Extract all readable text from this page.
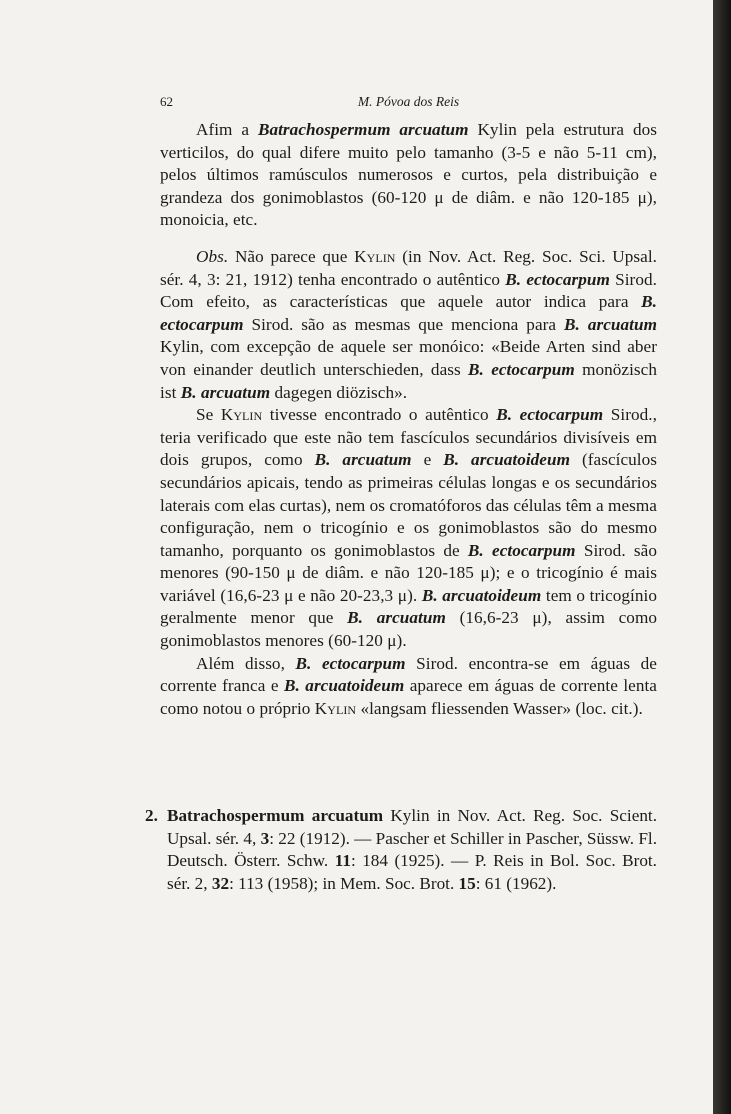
62	M. Póvoa dos Reis

Afim a Batrachospermum arcuatum Kylin pela estrutura dos verticilos, do qual difere muito pelo tamanho (3-5 e não 5-11 cm), pelos últimos ramúsculos numerosos e curtos, pela distribuição e grandeza dos gonimoblastos (60-120 μ de diâm. e não 120-185 μ), monoicia, etc.

Obs. Não parece que Kylin (in Nov. Act. Reg. Soc. Sci. Upsal. sér. 4, 3: 21, 1912) tenha encontrado o autêntico B. ectocarpum Sirod. Com efeito, as características que aquele autor indica para B. ectocarpum Sirod. são as mesmas que menciona para B. arcuatum Kylin, com excepção de aquele ser monóico: «Beide Arten sind aber von einander deutlich unterschieden, dass B. ectocarpum monözisch ist B. arcuatum dagegen diözisch».

Se Kylin tivesse encontrado o autêntico B. ectocarpum Sirod., teria verificado que este não tem fascículos secundários divisíveis em dois grupos, como B. arcuatum e B. arcuatoideum (fascículos secundários apicais, tendo as primeiras células longas e os secundários laterais com elas curtas), nem os cromatóforos das células têm a mesma configuração, nem o tricogínio e os gonimoblastos são do mesmo tamanho, porquanto os gonimoblastos de B. ectocarpum Sirod. são menores (90-150 μ de diâm. e não 120-185 μ); e o tricogínio é mais variável (16,6-23 μ e não 20-23,3 μ). B. arcuatoideum tem o tricogínio geralmente menor que B. arcuatum (16,6-23 μ), assim como gonimoblastos menores (60-120 μ).

Além disso, B. ectocarpum Sirod. encontra-se em águas de corrente franca e B. arcuatoideum aparece em águas de corrente lenta como notou o próprio Kylin «langsam fliessenden Wasser» (loc. cit.).

2. Batrachospermum arcuatum Kylin in Nov. Act. Reg. Soc. Scient. Upsal. sér. 4, 3: 22 (1912). — Pascher et Schiller in Pascher, Süssw. Fl. Deutsch. Österr. Schw. 11: 184 (1925). — P. Reis in Bol. Soc. Brot. sér. 2, 32: 113 (1958); in Mem. Soc. Brot. 15: 61 (1962).
